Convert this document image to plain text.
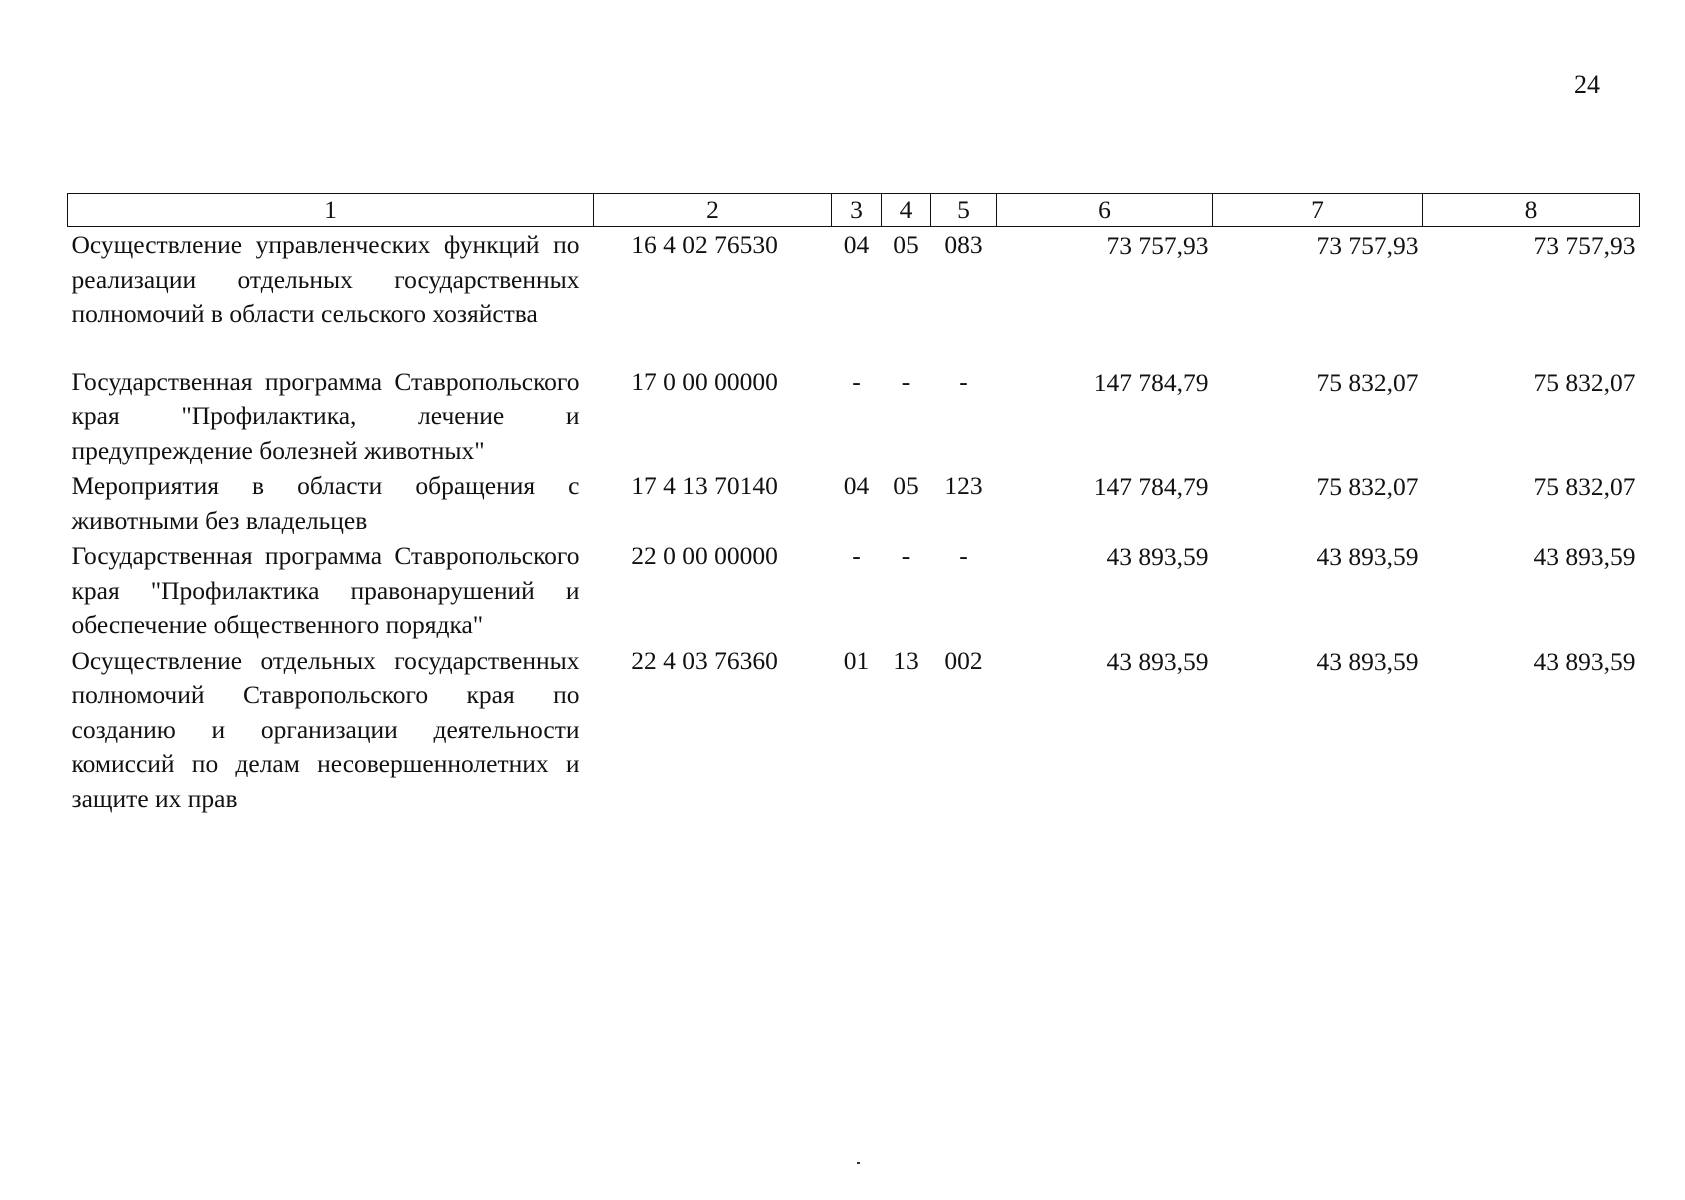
24
1	2	3	4	5	6	7	8
Осуществление управленческих функций по реализации отдельных государственных полномочий в области сельского хозяйства	16 4 02 76530	04	05	083	73 757,93	73 757,93	73 757,93

Государственная программа Ставропольского края "Профилактика, лечение и предупреждение болезней животных"	17 0 00 00000	-	-	-	147 784,79	75 832,07	75 832,07
Мероприятия в области обращения с животными без владельцев	17 4 13 70140	04	05	123	147 784,79	75 832,07	75 832,07
Государственная программа Ставропольского края "Профилактика правонарушений и обеспечение общественного порядка"	22 0 00 00000	-	-	-	43 893,59	43 893,59	43 893,59
Осуществление отдельных государственных полномочий Ставропольского края по созданию и организации деятельности комиссий по делам несовершеннолетних и защите их прав	22 4 03 76360	01	13	002	43 893,59	43 893,59	43 893,59
